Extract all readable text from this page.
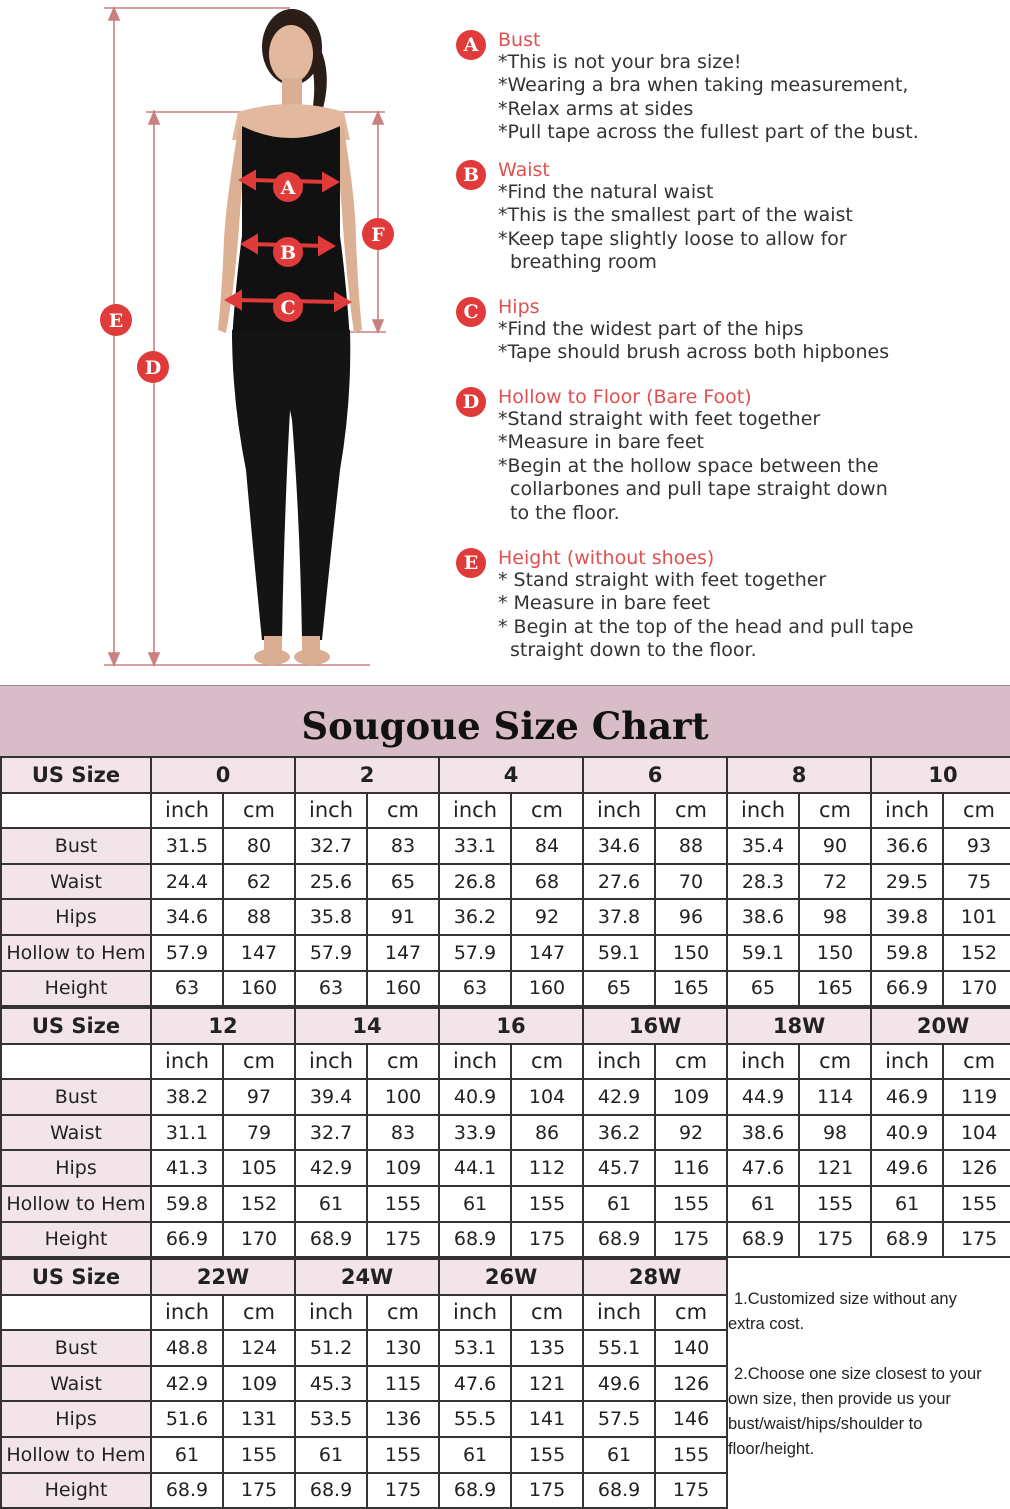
A
B
C
D
E
F
A	Bust
*This is not your bra size!
*Wearing a bra when taking measurement,
*Relax arms at sides
*Pull tape across the fullest part of the bust.
B Waist
*Find the natural waist
*This is the smallest part of the waist
*Keep tape slightly loose to allow for
breathing room
C	Hips
*Find the widest part of the hips
*Tape should brush across both hipbones
D Hollow to Floor (Bare Foot)
*Stand straight with feet together
*Measure in bare feet
*Begin at the hollow space between the
collarbones and pull tape straight down
to the floor.
E	Height (without shoes)
* Stand straight with feet together
* Measure in bare feet
* Begin at the top of the head and pull tape
straight down to the floor.
Sougoue Size Chart
US Size	0		2		4		6		8		10	
	inch	cm	inch	cm	inch	cm	inch	cm	inch	cm	inch	cm
Bust	31.5	80	32.7	83	33.1	84	34.6	88	35.4	90	36.6	93
Waist	24.4	62	25.6	65	26.8	68	27.6	70	28.3	72	29.5	75
Hips	34.6	88	35.8	91	36.2	92	37.8	96	38.6	98	39.8	101
Hollow to Hem	57.9	147	57.9	147	57.9	147	59.1	150	59.1	150	59.8	152
Height	63	160	63	160	63	160	65	165	65	165	66.9	170
US Size	12		14		16		16W		18W		20W	
	inch	cm	inch	cm	inch	cm	inch	cm	inch	cm	inch	cm
Bust	38.2	97	39.4	100	40.9	104	42.9	109	44.9	114	46.9	119
Waist	31.1	79	32.7	83	33.9	86	36.2	92	38.6	98	40.9	104
Hips	41.3	105	42.9	109	44.1	112	45.7	116	47.6	121	49.6	126
Hollow to Hem	59.8	152	61	155	61	155	61	155	61	155	61	155
Height	66.9	170	68.9	175	68.9	175	68.9	175	68.9	175	68.9	175
US Size	22W		24W		26W		28W	
	inch	cm	inch	cm	inch	cm	inch	cm
Bust	48.8	124	51.2	130	53.1	135	55.1	140
Waist	42.9	109	45.3	115	47.6	121	49.6	126
Hips	51.6	131	53.5	136	55.5	141	57.5	146
Hollow to Hem	61	155	61	155	61	155	61	155
Height	68.9	175	68.9	175	68.9	175	68.9	175
1.Customized size without any
extra cost.
2.Choose one size closest to your
own size, then provide us your
bust/waist/hips/shoulder to
floor/height.
